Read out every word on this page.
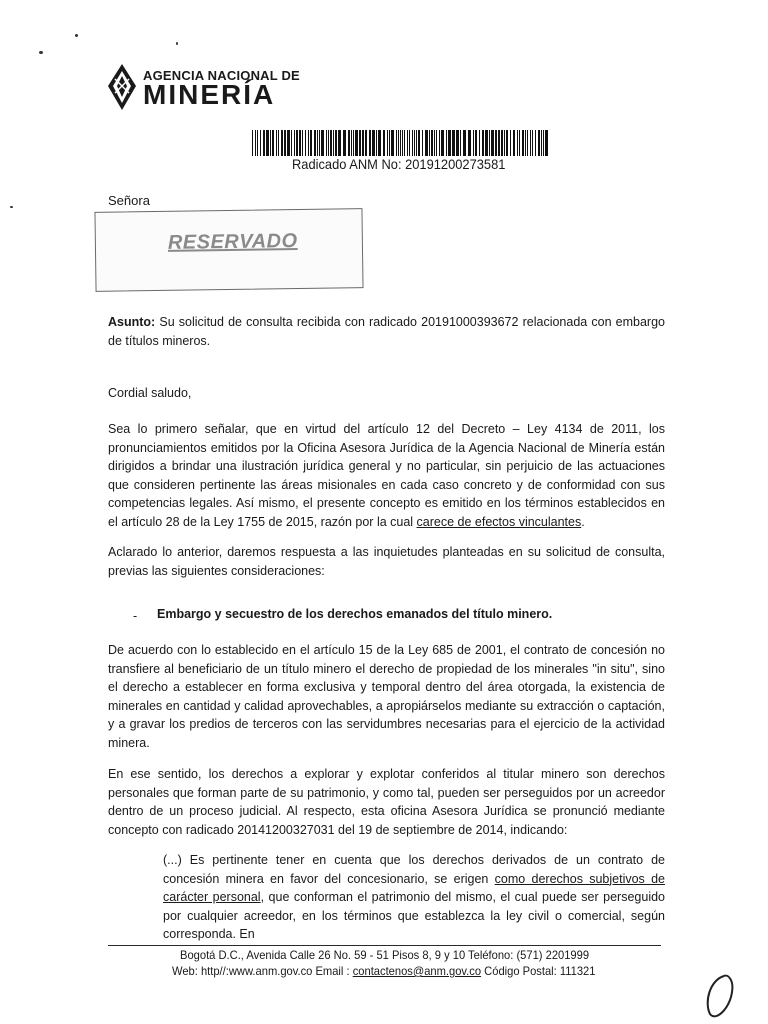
AGENCIA NACIONAL DE
MINERÍA
Radicado ANM No: 20191200273581
Señora
RESERVADO
Asunto: Su solicitud de consulta recibida con radicado 20191000393672 relacionada con embargo de títulos mineros.
Cordial saludo,
Sea lo primero señalar, que en virtud del artículo 12 del Decreto – Ley 4134 de 2011, los pronunciamientos emitidos por la Oficina Asesora Jurídica de la Agencia Nacional de Minería están dirigidos a brindar una ilustración jurídica general y no particular, sin perjuicio de las actuaciones que consideren pertinente las áreas misionales en cada caso concreto y de conformidad con sus competencias legales. Así mismo, el presente concepto es emitido en los términos establecidos en el artículo 28 de la Ley 1755 de 2015, razón por la cual carece de efectos vinculantes.
Aclarado lo anterior, daremos respuesta a las inquietudes planteadas en su solicitud de consulta, previas las siguientes consideraciones:
- Embargo y secuestro de los derechos emanados del título minero.
De acuerdo con lo establecido en el artículo 15 de la Ley 685 de 2001, el contrato de concesión no transfiere al beneficiario de un título minero el derecho de propiedad de los minerales "in situ", sino el derecho a establecer en forma exclusiva y temporal dentro del área otorgada, la existencia de minerales en cantidad y calidad aprovechables, a apropiárselos mediante su extracción o captación, y a gravar los predios de terceros con las servidumbres necesarias para el ejercicio de la actividad minera.
En ese sentido, los derechos a explorar y explotar conferidos al titular minero son derechos personales que forman parte de su patrimonio, y como tal, pueden ser perseguidos por un acreedor dentro de un proceso judicial. Al respecto, esta oficina Asesora Jurídica se pronunció mediante concepto con radicado 20141200327031 del 19 de septiembre de 2014, indicando:
(...) Es pertinente tener en cuenta que los derechos derivados de un contrato de concesión minera en favor del concesionario, se erigen como derechos subjetivos de carácter personal, que conforman el patrimonio del mismo, el cual puede ser perseguido por cualquier acreedor, en los términos que establezca la ley civil o comercial, según corresponda. En
Bogotá D.C., Avenida Calle 26 No. 59 - 51 Pisos 8, 9 y 10 Teléfono: (571) 2201999
Web: http//:www.anm.gov.co Email : contactenos@anm.gov.co Código Postal: 111321
